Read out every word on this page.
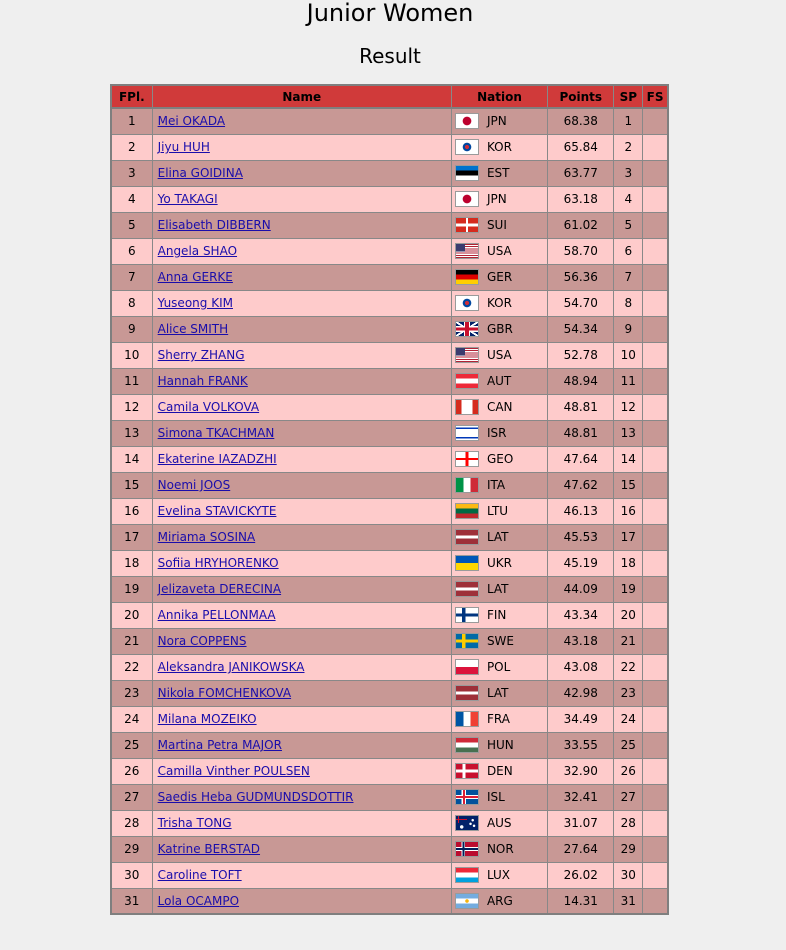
Junior Women
Result
FPl.	Name	Nation	Points	SP	FS
1	Mei OKADA	JPN	68.38	1	
2	Jiyu HUH	KOR	65.84	2	
3	Elina GOIDINA	EST	63.77	3	
4	Yo TAKAGI	JPN	63.18	4	
5	Elisabeth DIBBERN	SUI	61.02	5	
6	Angela SHAO	USA	58.70	6	
7	Anna GERKE	GER	56.36	7	
8	Yuseong KIM	KOR	54.70	8	
9	Alice SMITH	GBR	54.34	9	
10	Sherry ZHANG	USA	52.78	10	
11	Hannah FRANK	AUT	48.94	11	
12	Camila VOLKOVA	CAN	48.81	12	
13	Simona TKACHMAN	ISR	48.81	13	
14	Ekaterine IAZADZHI	GEO	47.64	14	
15	Noemi JOOS	ITA	47.62	15	
16	Evelina STAVICKYTE	LTU	46.13	16	
17	Miriama SOSINA	LAT	45.53	17	
18	Sofiia HRYHORENKO	UKR	45.19	18	
19	Jelizaveta DERECINA	LAT	44.09	19	
20	Annika PELLONMAA	FIN	43.34	20	
21	Nora COPPENS	SWE	43.18	21	
22	Aleksandra JANIKOWSKA	POL	43.08	22	
23	Nikola FOMCHENKOVA	LAT	42.98	23	
24	Milana MOZEIKO	FRA	34.49	24	
25	Martina Petra MAJOR	HUN	33.55	25	
26	Camilla Vinther POULSEN	DEN	32.90	26	
27	Saedis Heba GUDMUNDSDOTTIR	ISL	32.41	27	
28	Trisha TONG	AUS	31.07	28	
29	Katrine BERSTAD	NOR	27.64	29	
30	Caroline TOFT	LUX	26.02	30	
31	Lola OCAMPO	ARG	14.31	31	
